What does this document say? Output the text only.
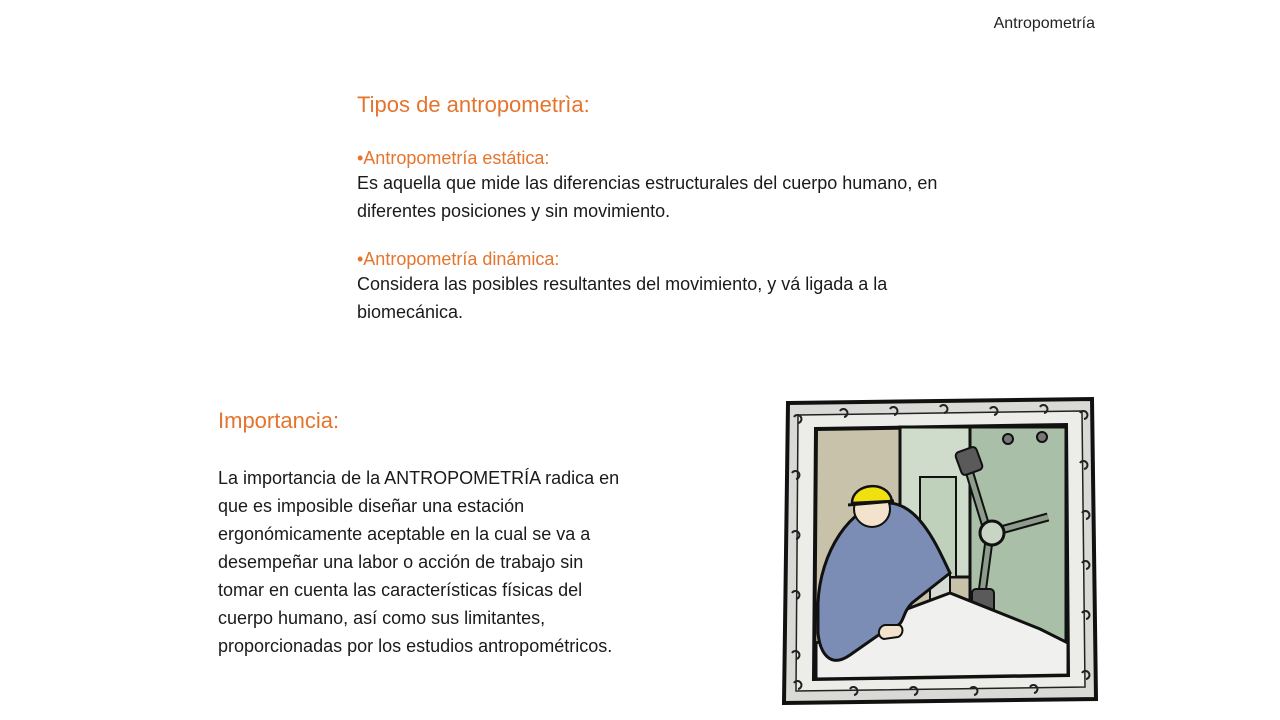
Antropometría
Tipos de antropometrìa:

•Antropometría estática:

Es aquella que mide las diferencias estructurales del cuerpo humano, en

diferentes posiciones y sin movimiento.

•Antropometría dinámica:

Considera las posibles resultantes del movimiento, y vá ligada a la

biomecánica.

Importancia:

La importancia de la ANTROPOMETRÍA radica en

que es imposible diseñar una estación

ergonómicamente aceptable en la cual se va a

desempeñar una labor o acción de trabajo sin

tomar en cuenta las características físicas del

cuerpo humano, así como sus limitantes,

proporcionadas por los estudios antropométricos.
